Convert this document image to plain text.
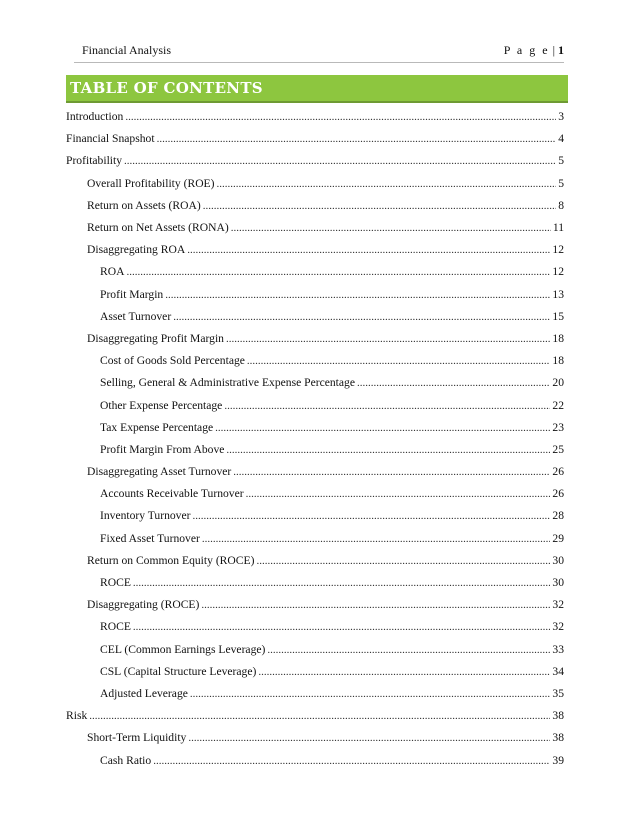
Financial Analysis	P a g e | 1
TABLE OF CONTENTS
Introduction .....	3
Financial Snapshot .....	4
Profitability .....	5
Overall Profitability (ROE) .....	5
Return on Assets (ROA) .....	8
Return on Net Assets (RONA) .....	11
Disaggregating ROA .....	12
ROA .....	12
Profit Margin .....	13
Asset Turnover .....	15
Disaggregating Profit Margin .....	18
Cost of Goods Sold Percentage .....	18
Selling, General & Administrative Expense Percentage .....	20
Other Expense Percentage .....	22
Tax Expense Percentage .....	23
Profit Margin From Above .....	25
Disaggregating Asset Turnover .....	26
Accounts Receivable Turnover .....	26
Inventory Turnover .....	28
Fixed Asset Turnover .....	29
Return on Common Equity (ROCE) .....	30
ROCE .....	30
Disaggregating (ROCE) .....	32
ROCE .....	32
CEL (Common Earnings Leverage) .....	33
CSL (Capital Structure Leverage) .....	34
Adjusted Leverage .....	35
Risk .....	38
Short-Term Liquidity .....	38
Cash Ratio .....	39
